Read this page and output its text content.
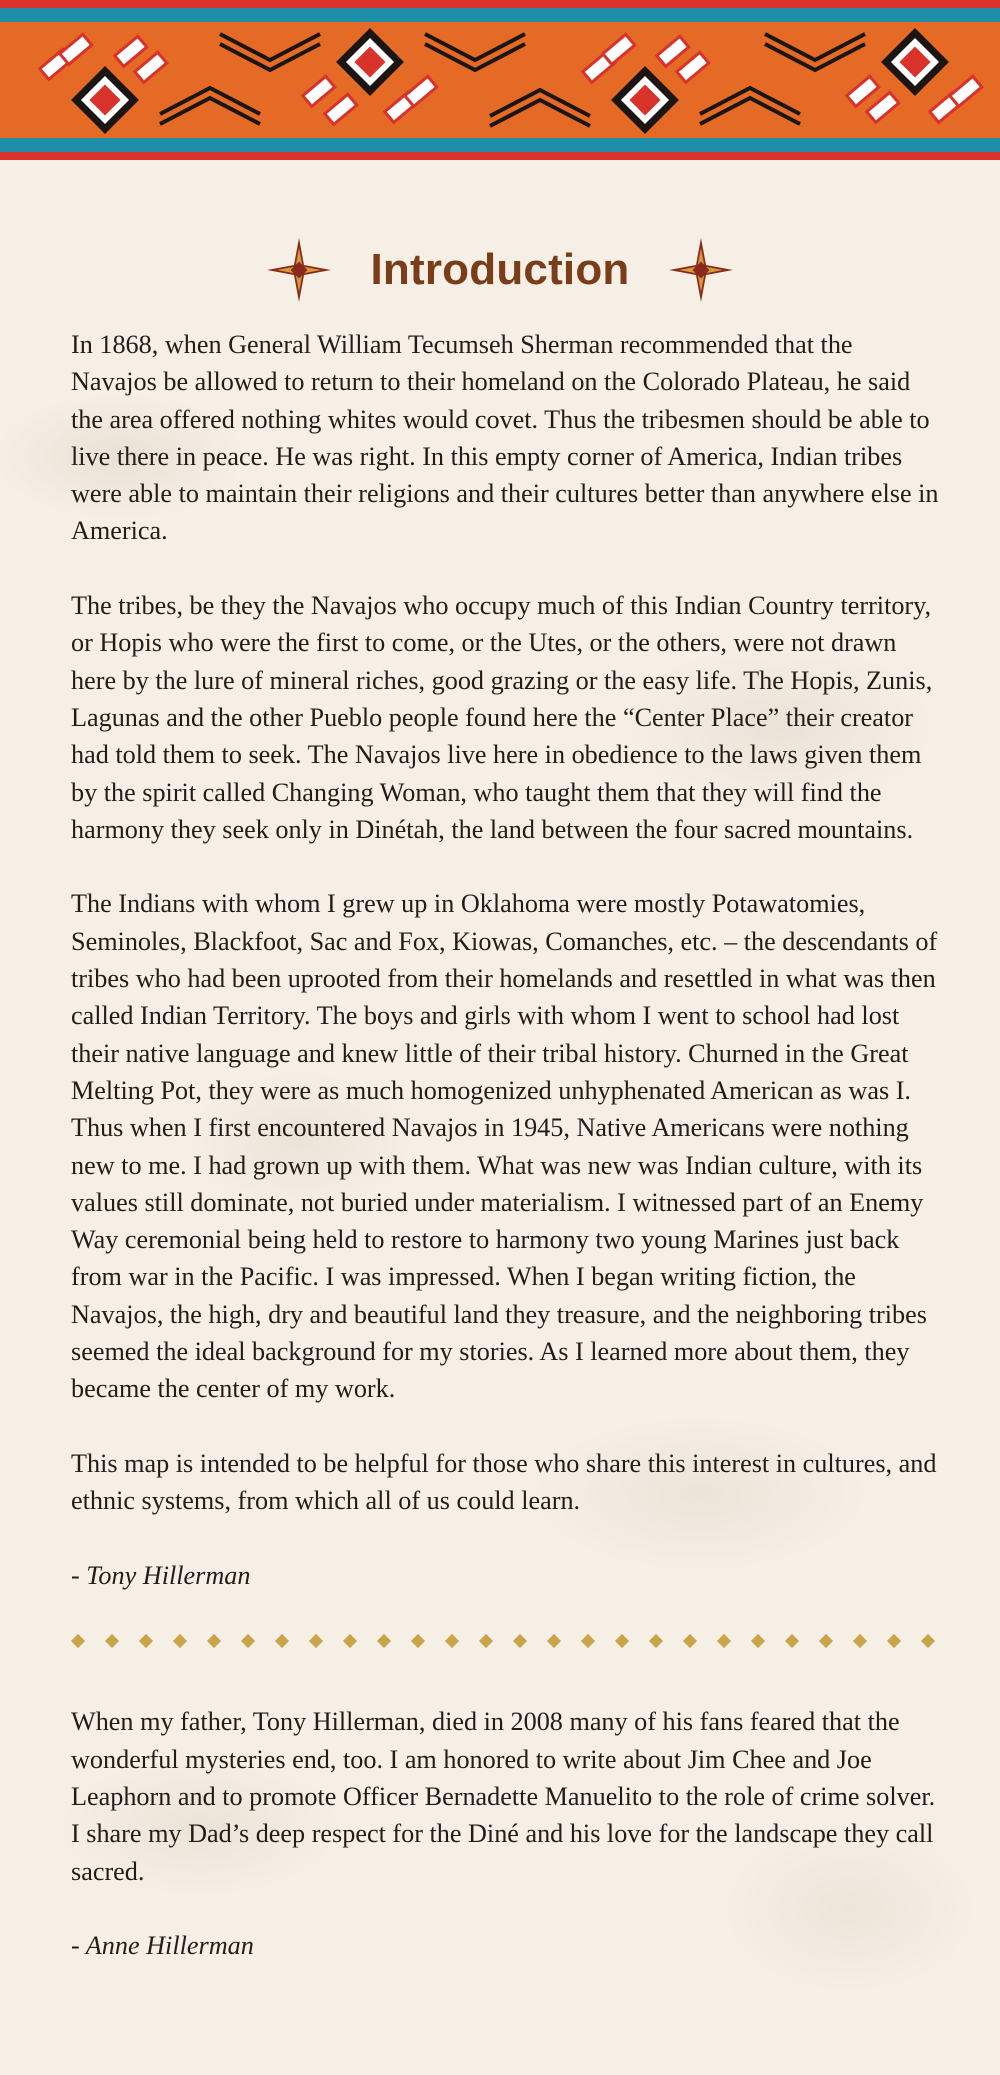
Introduction

In 1868, when General William Tecumseh Sherman recommended that the Navajos be allowed to return to their homeland on the Colorado Plateau, he said the area offered nothing whites would covet. Thus the tribesmen should be able to live there in peace. He was right. In this empty corner of America, Indian tribes were able to maintain their religions and their cultures better than anywhere else in America.

The tribes, be they the Navajos who occupy much of this Indian Country territory, or Hopis who were the first to come, or the Utes, or the others, were not drawn here by the lure of mineral riches, good grazing or the easy life. The Hopis, Zunis, Lagunas and the other Pueblo people found here the “Center Place” their creator had told them to seek. The Navajos live here in obedience to the laws given them by the spirit called Changing Woman, who taught them that they will find the harmony they seek only in Dinétah, the land between the four sacred mountains.

The Indians with whom I grew up in Oklahoma were mostly Potawatomies, Seminoles, Blackfoot, Sac and Fox, Kiowas, Comanches, etc. – the descendants of tribes who had been uprooted from their homelands and resettled in what was then called Indian Territory. The boys and girls with whom I went to school had lost their native language and knew little of their tribal history. Churned in the Great Melting Pot, they were as much homogenized unhyphenated American as was I. Thus when I first encountered Navajos in 1945, Native Americans were nothing new to me. I had grown up with them. What was new was Indian culture, with its values still dominate, not buried under materialism. I witnessed part of an Enemy Way ceremonial being held to restore to harmony two young Marines just back from war in the Pacific. I was impressed. When I began writing fiction, the Navajos, the high, dry and beautiful land they treasure, and the neighboring tribes seemed the ideal background for my stories. As I learned more about them, they became the center of my work.

This map is intended to be helpful for those who share this interest in cultures, and ethnic systems, from which all of us could learn.

- Tony Hillerman

When my father, Tony Hillerman, died in 2008 many of his fans feared that the wonderful mysteries end, too. I am honored to write about Jim Chee and Joe Leaphorn and to promote Officer Bernadette Manuelito to the role of crime solver. I share my Dad’s deep respect for the Diné and his love for the landscape they call sacred.

- Anne Hillerman
